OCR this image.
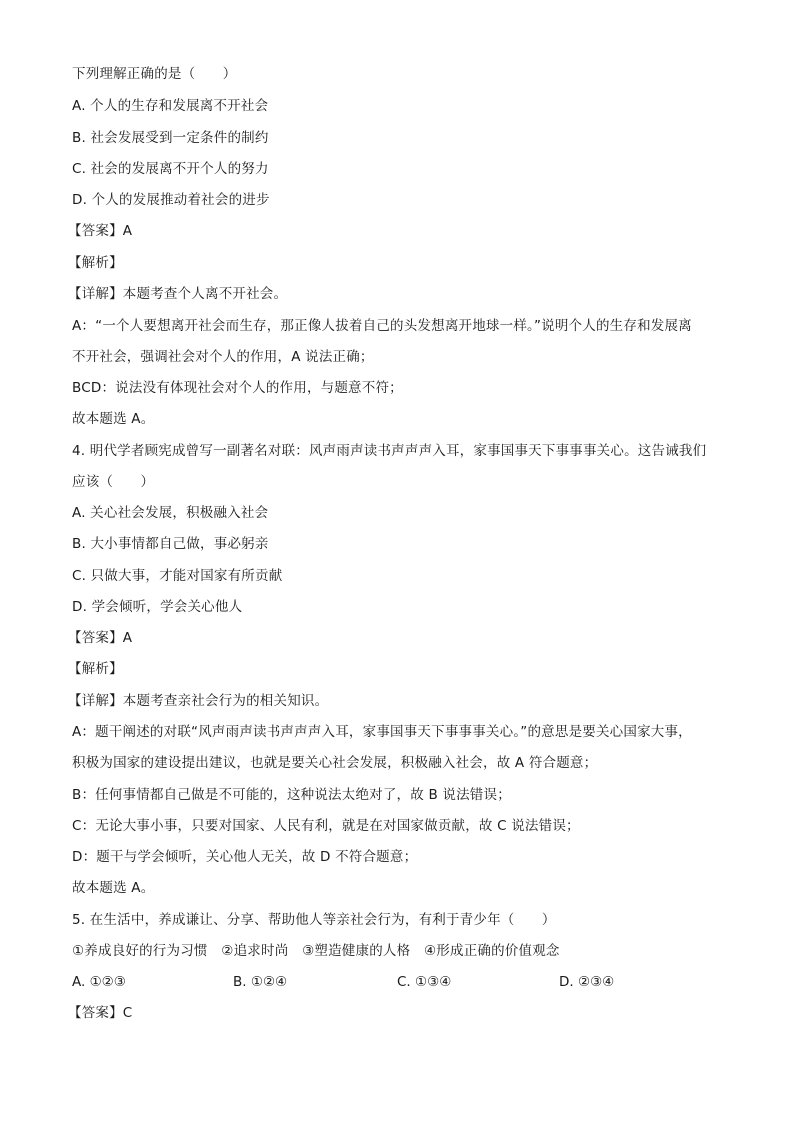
下列理解正确的是（　　）
A. 个人的生存和发展离不开社会
B. 社会发展受到一定条件的制约
C. 社会的发展离不开个人的努力
D. 个人的发展推动着社会的进步
【答案】A
【解析】
【详解】本题考查个人离不开社会。
A：“一个人要想离开社会而生存，那正像人拔着自己的头发想离开地球一样。”说明个人的生存和发展离
不开社会，强调社会对个人的作用，A 说法正确；
BCD：说法没有体现社会对个人的作用，与题意不符；
故本题选 A。
4. 明代学者顾宪成曾写一副著名对联：风声雨声读书声声声入耳，家事国事天下事事事关心。这告诫我们
应该（　　）
A. 关心社会发展，积极融入社会
B. 大小事情都自己做，事必躬亲
C. 只做大事，才能对国家有所贡献
D. 学会倾听，学会关心他人
【答案】A
【解析】
【详解】本题考查亲社会行为的相关知识。
A：题干阐述的对联“风声雨声读书声声声入耳，家事国事天下事事事关心。”的意思是要关心国家大事，
积极为国家的建设提出建议，也就是要关心社会发展，积极融入社会，故 A 符合题意；
B：任何事情都自己做是不可能的，这种说法太绝对了，故 B 说法错误；
C：无论大事小事，只要对国家、人民有利，就是在对国家做贡献，故 C 说法错误；
D：题干与学会倾听，关心他人无关，故 D 不符合题意；
故本题选 A。
5. 在生活中，养成谦让、分享、帮助他人等亲社会行为，有利于青少年（　　）
①养成良好的行为习惯　②追求时尚　③塑造健康的人格　④形成正确的价值观念
A. ①②③	B. ①②④	C. ①③④	D. ②③④
【答案】C
